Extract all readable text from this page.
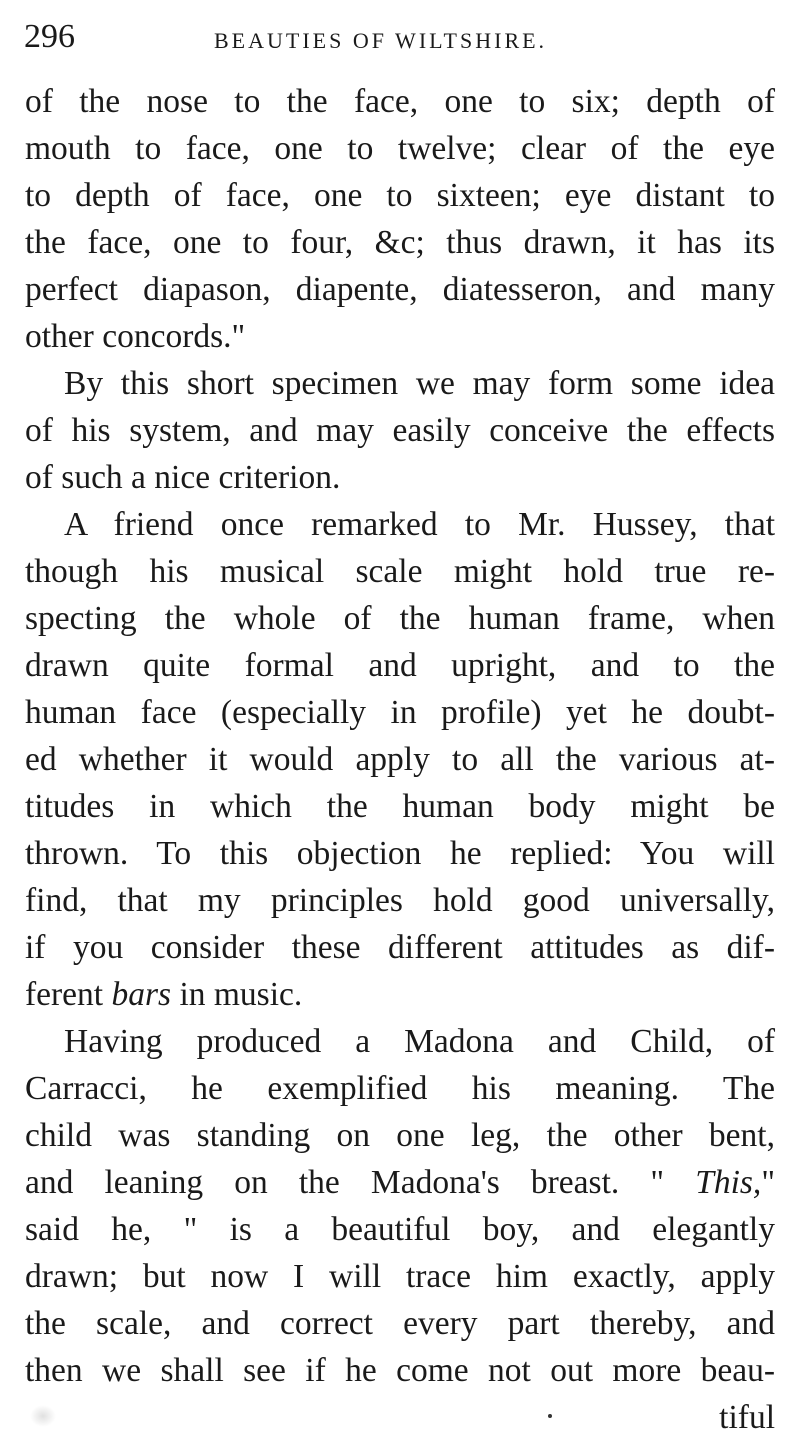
296	BEAUTIES OF WILTSHIRE.
of the nose to the face, one to six; depth of
mouth to face, one to twelve; clear of the eye
to depth of face, one to sixteen; eye distant to
the face, one to four, &c; thus drawn, it has its
perfect diapason, diapente, diatesseron, and many
other concords."
By this short specimen we may form some idea
of his system, and may easily conceive the effects
of such a nice criterion.
A friend once remarked to Mr. Hussey, that
though his musical scale might hold true re-
specting the whole of the human frame, when
drawn quite formal and upright, and to the
human face (especially in profile) yet he doubt-
ed whether it would apply to all the various at-
titudes in which the human body might be
thrown. To this objection he replied: You will
find, that my principles hold good universally,
if you consider these different attitudes as dif-
ferent bars in music.
Having produced a Madona and Child, of
Carracci, he exemplified his meaning. The
child was standing on one leg, the other bent,
and leaning on the Madona's breast. " This,"
said he, " is a beautiful boy, and elegantly
drawn; but now I will trace him exactly, apply
the scale, and correct every part thereby, and
then we shall see if he come not out more beau-
tiful
